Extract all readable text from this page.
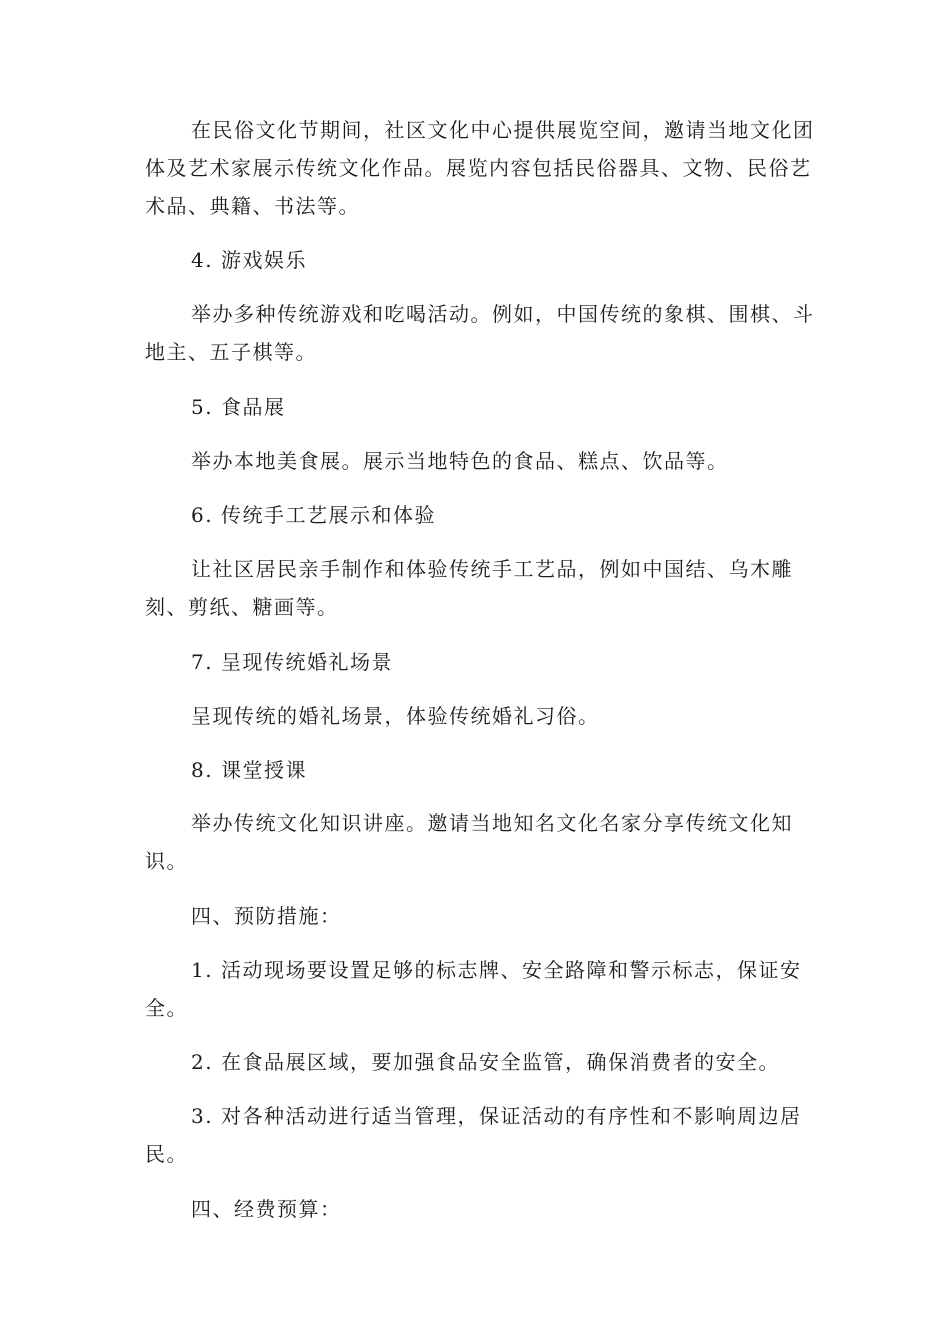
在民俗文化节期间，社区文化中心提供展览空间，邀请当地文化团体及艺术家展示传统文化作品。展览内容包括民俗器具、文物、民俗艺术品、典籍、书法等。

4. 游戏娱乐

举办多种传统游戏和吃喝活动。例如，中国传统的象棋、围棋、斗地主、五子棋等。

5. 食品展

举办本地美食展。展示当地特色的食品、糕点、饮品等。

6. 传统手工艺展示和体验

让社区居民亲手制作和体验传统手工艺品，例如中国结、乌木雕刻、剪纸、糖画等。

7. 呈现传统婚礼场景

呈现传统的婚礼场景，体验传统婚礼习俗。

8. 课堂授课

举办传统文化知识讲座。邀请当地知名文化名家分享传统文化知识。

四、预防措施：

1. 活动现场要设置足够的标志牌、安全路障和警示标志，保证安全。

2. 在食品展区域，要加强食品安全监管，确保消费者的安全。

3. 对各种活动进行适当管理，保证活动的有序性和不影响周边居民。

四、经费预算：
